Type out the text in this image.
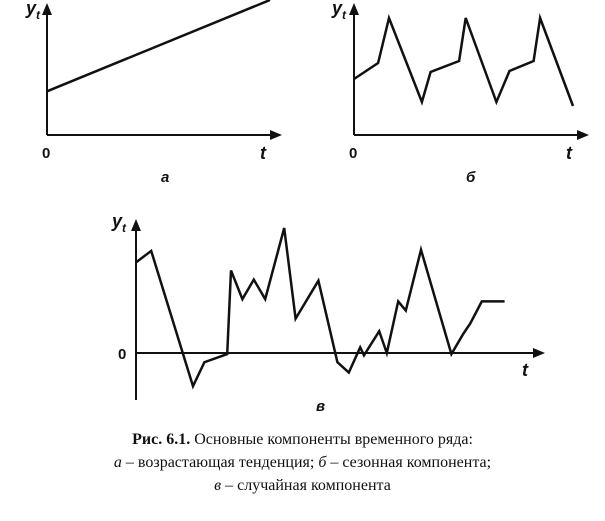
y t
t
0
а
y t
t
0
б
y t
t
0
в
Рис. 6.1. Основные компоненты временного ряда:
а – возрастающая тенденция; б – сезонная компонента;
в – случайная компонента
